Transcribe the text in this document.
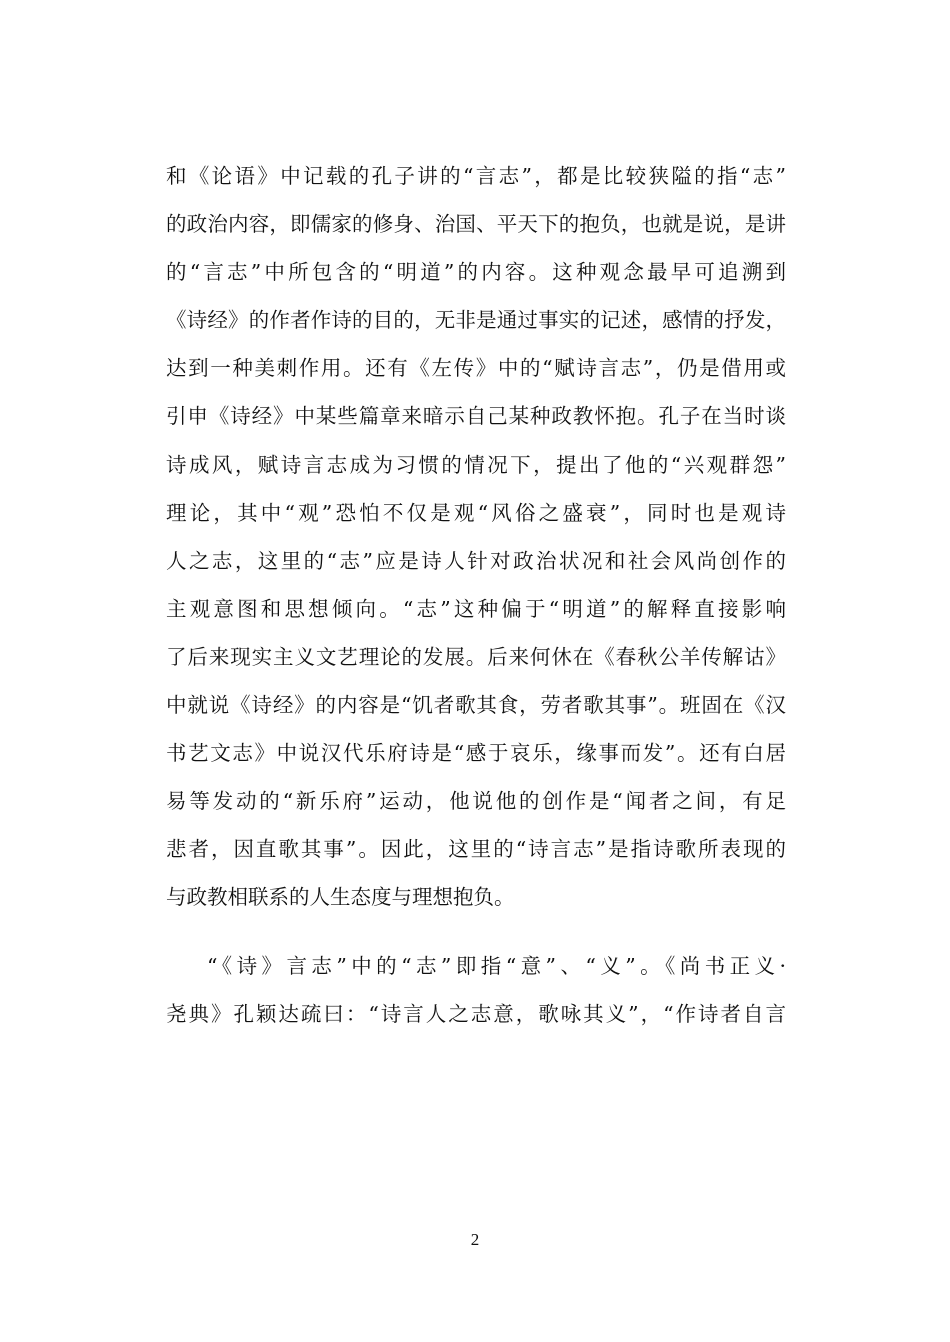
和《论语》中记载的孔子讲的“言志”，都是比较狭隘的指“志”
的政治内容，即儒家的修身、治国、平天下的抱负，也就是说，是讲
的“言志”中所包含的“明道”的内容。这种观念最早可追溯到
《诗经》的作者作诗的目的，无非是通过事实的记述，感情的抒发，
达到一种美刺作用。还有《左传》中的“赋诗言志”，仍是借用或
引申《诗经》中某些篇章来暗示自己某种政教怀抱。孔子在当时谈
诗成风，赋诗言志成为习惯的情况下，提出了他的“兴观群怨”
理论，其中“观”恐怕不仅是观“风俗之盛衰”，同时也是观诗
人之志，这里的“志”应是诗人针对政治状况和社会风尚创作的
主观意图和思想倾向。“志”这种偏于“明道”的解释直接影响
了后来现实主义文艺理论的发展。后来何休在《春秋公羊传解诂》
中就说《诗经》的内容是“饥者歌其食，劳者歌其事”。班固在《汉
书艺文志》中说汉代乐府诗是“感于哀乐，缘事而发”。还有白居
易等发动的“新乐府”运动，他说他的创作是“闻者之间，有足
悲者，因直歌其事”。因此，这里的“诗言志”是指诗歌所表现的
与政教相联系的人生态度与理想抱负。
“《诗》言志”中的“志”即指“意”、“义”。《尚书正义·
尧典》孔颖达疏曰：“诗言人之志意，歌咏其义”，“作诗者自言
2
